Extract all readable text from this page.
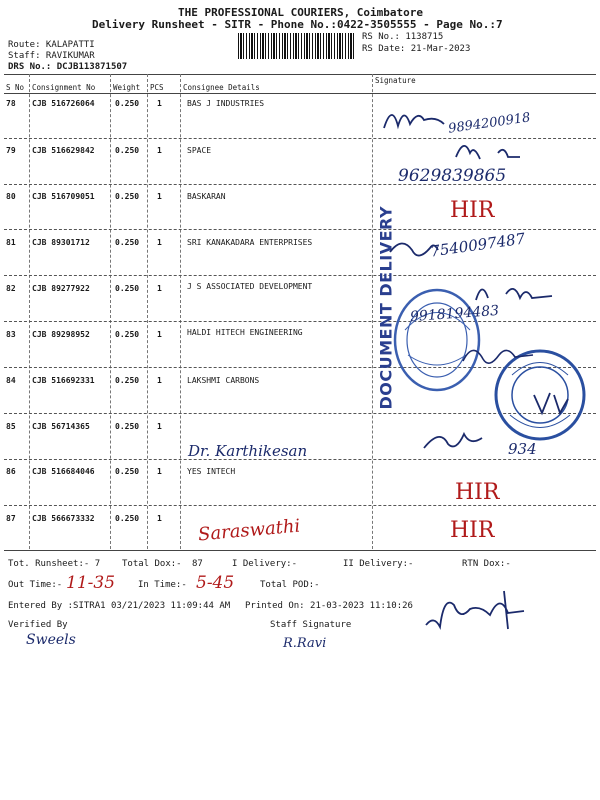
THE PROFESSIONAL COURIERS, Coimbatore
Delivery Runsheet - SITR - Phone No.:0422-3505555 - Page No.:7
Route: KALAPATTI
Staff: RAVIKUMAR
DRS No.: DCJB113871507
RS No.: 1138715
RS Date: 21-Mar-2023
S No Consignment No Weight PCS	Consignee Details
Signature
78 CJB 516726064	0.250 1	BAS J INDUSTRIES
79 CJB 516629842	0.250 1	SPACE
80 CJB 516709051	0.250 1	BASKARAN
81 CJB 89301712	0.250 1	SRI KANAKADARA ENTERPRISES
82 CJB 89277922	0.250 1	J S ASSOCIATED DEVELOPMENT
83 CJB 89298952	0.250 1	HALDI HITECH ENGINEERING
84 CJB 516692331	0.250 1	LAKSHMI CARBONS
85 CJB 56714365	0.250 1
86 CJB 516684046	0.250 1	YES INTECH
87 CJB 566673332	0.250 1
DOCUMENT DELIVERY
9894200918
9629839865
HIR
7540097487
9918194483
Dr. Karthikesan	934
HIR
Saraswathi	HIR
Tot. Runsheet:- 7 Total Dox:- 87	I Delivery:-	II Delivery:-	RTN Dox:-
Out Time:- 11-35	In Time:- 5-45	Total POD:-
Entered By :SITRA1 03/21/2023 11:09:44 AM Printed On: 21-03-2023 11:10:26
Verified By
Sweels
Staff Signature
R.Ravi
